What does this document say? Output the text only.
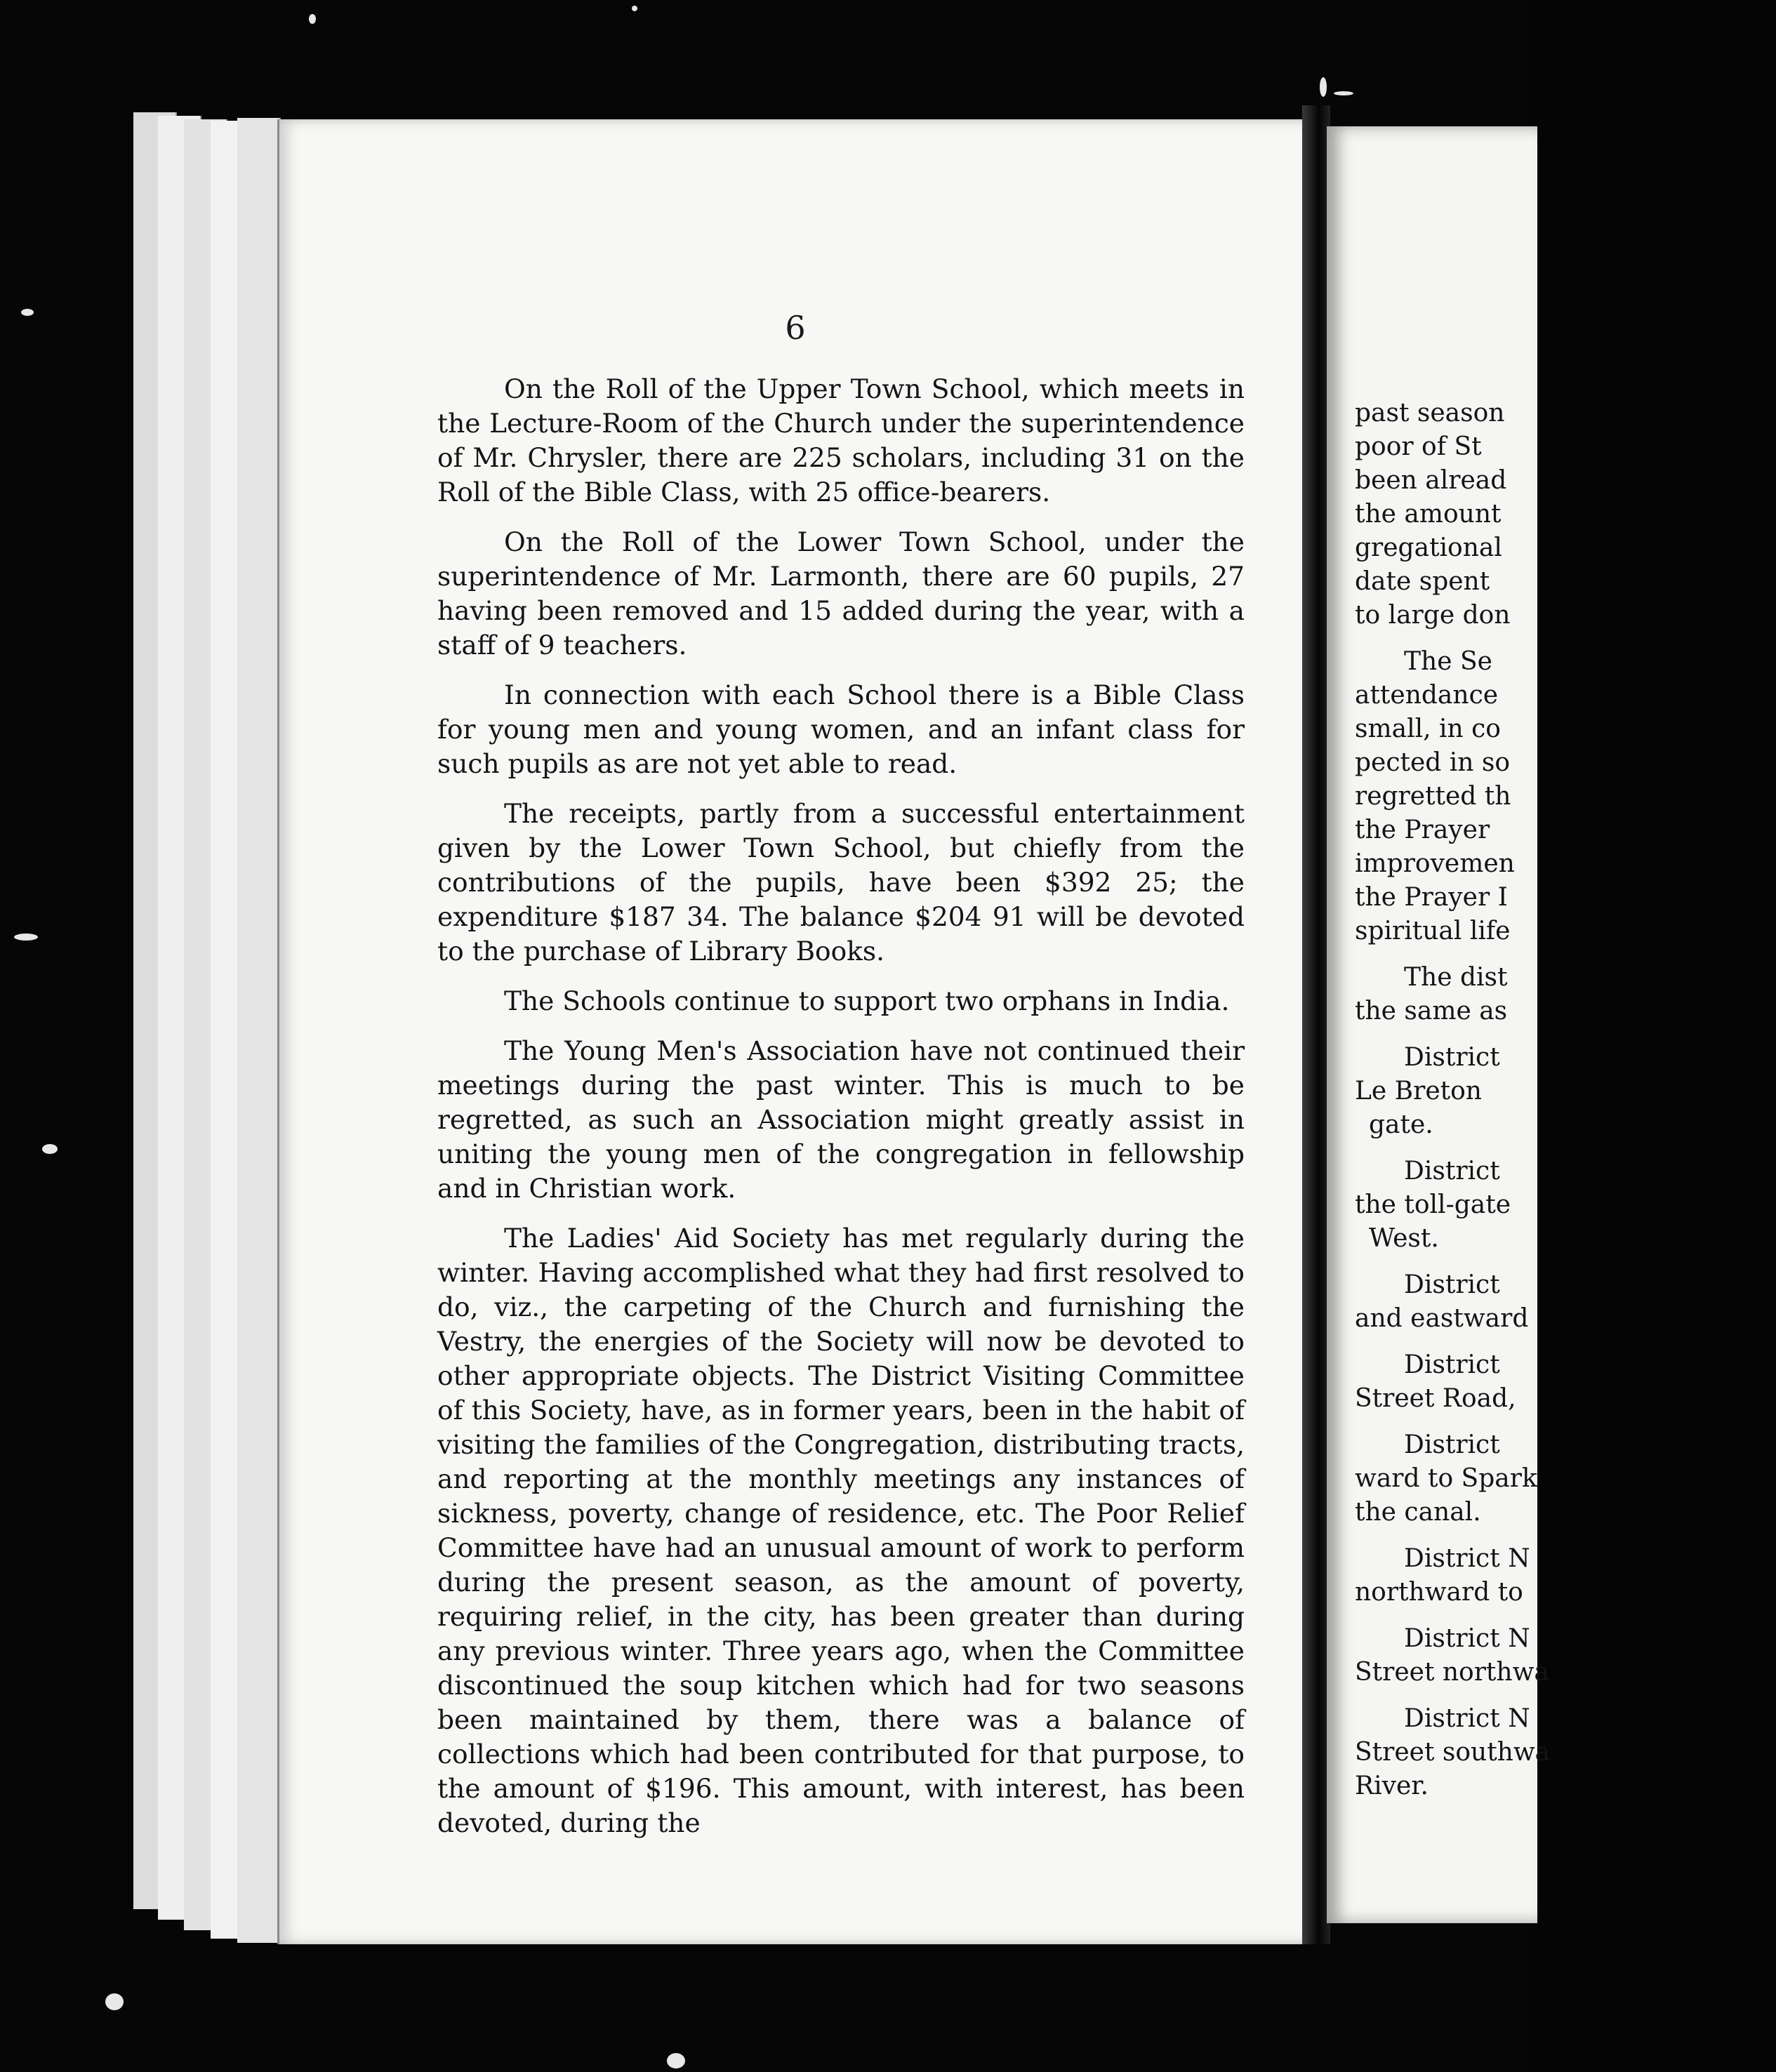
6

On the Roll of the Upper Town School, which meets in the Lecture-Room of the Church under the superintendence of Mr. Chrysler, there are 225 scholars, including 31 on the Roll of the Bible Class, with 25 office-bearers.

On the Roll of the Lower Town School, under the superintendence of Mr. Larmonth, there are 60 pupils, 27 having been removed and 15 added during the year, with a staff of 9 teachers.

In connection with each School there is a Bible Class for young men and young women, and an infant class for such pupils as are not yet able to read.

The receipts, partly from a successful entertainment given by the Lower Town School, but chiefly from the contributions of the pupils, have been $392 25; the expenditure $187 34. The balance $204 91 will be devoted to the purchase of Library Books.

The Schools continue to support two orphans in India.

The Young Men's Association have not continued their meetings during the past winter. This is much to be regretted, as such an Association might greatly assist in uniting the young men of the congregation in fellowship and in Christian work.

The Ladies' Aid Society has met regularly during the winter. Having accomplished what they had first resolved to do, viz., the carpeting of the Church and furnishing the Vestry, the energies of the Society will now be devoted to other appropriate objects. The District Visiting Committee of this Society, have, as in former years, been in the habit of visiting the families of the Congregation, distributing tracts, and reporting at the monthly meetings any instances of sickness, poverty, change of residence, etc. The Poor Relief Committee have had an unusual amount of work to perform during the present season, as the amount of poverty, requiring relief, in the city, has been greater than during any previous winter. Three years ago, when the Committee discontinued the soup kitchen which had for two seasons been maintained by them, there was a balance of collections which had been contributed for that purpose, to the amount of $196. This amount, with interest, has been devoted, during the

past season
poor of St
been alread
the amount
gregational
date spent
to large don
The Se
attendance
small, in co
pected in so
regretted th
the Prayer
improvemen
the Prayer I
spiritual life
The dist
the same as
District
Le Breton
gate.
District
the toll-gate
West.
District
and eastward
District
Street Road,
District
ward to Spark
the canal.
District N
northward to
District N
Street northwa
District N
Street southwa
River.
